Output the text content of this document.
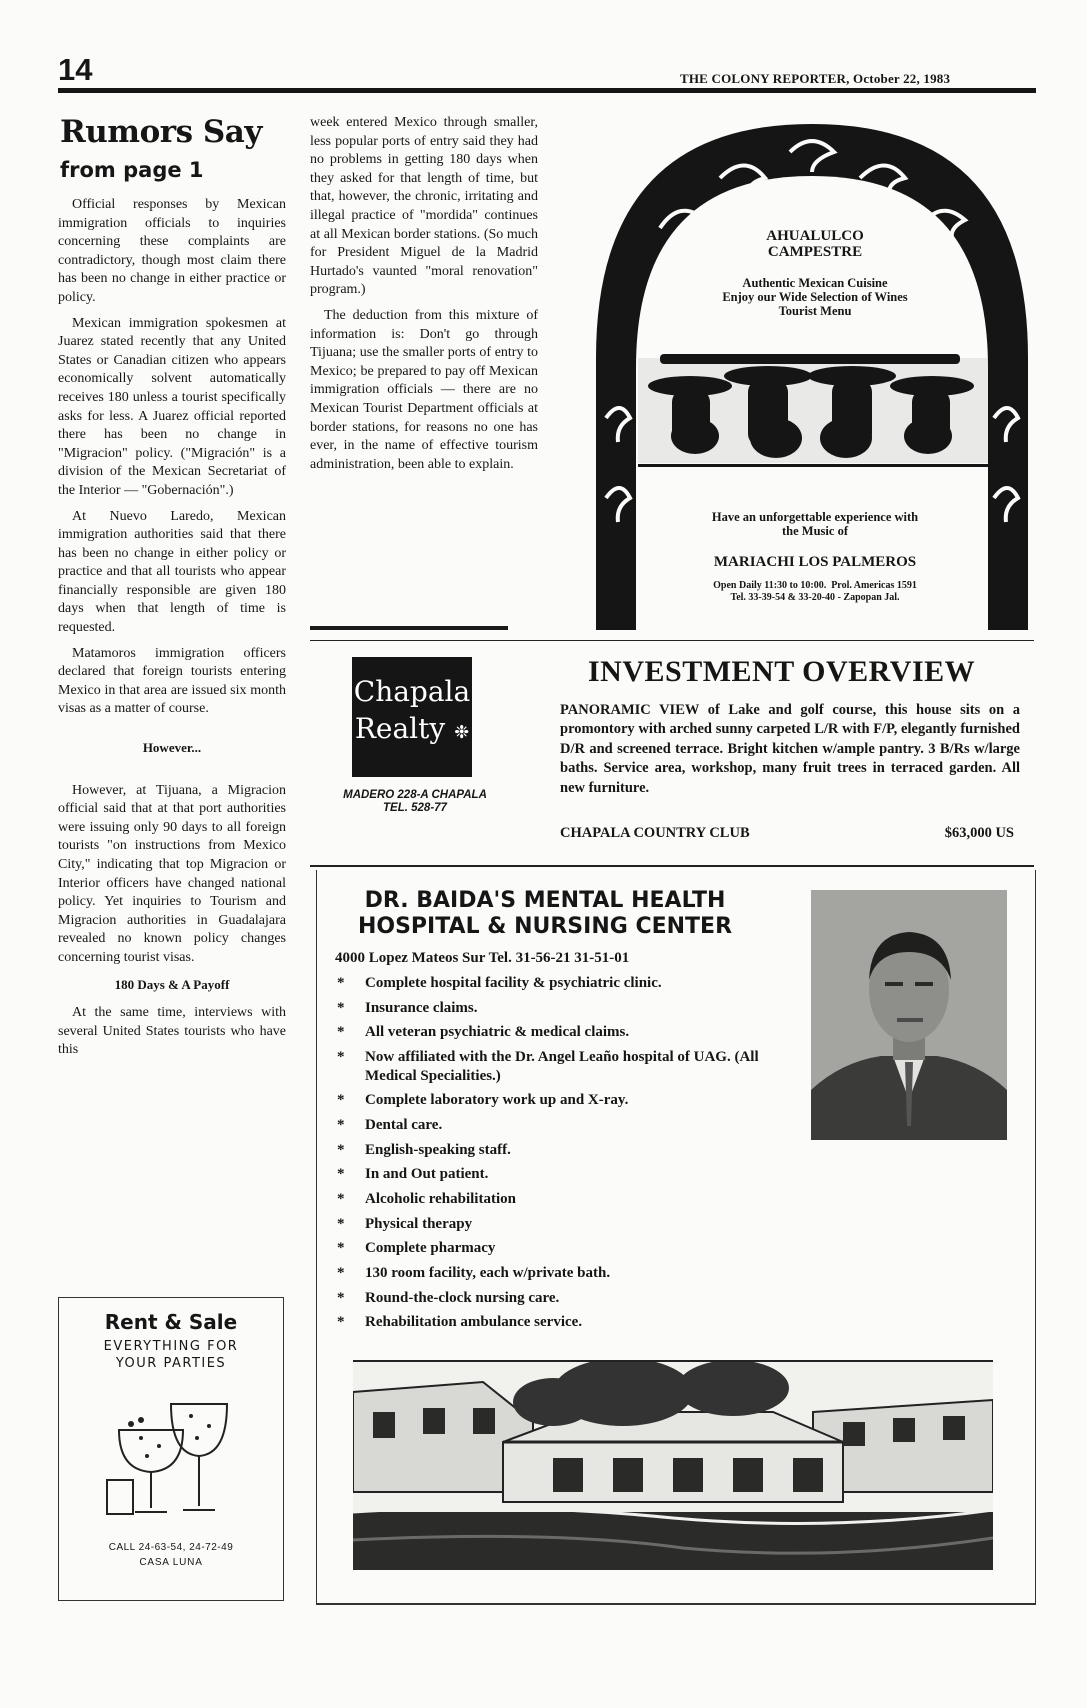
14	THE COLONY REPORTER, October 22, 1983
Rumors Say
from page 1

Official responses by Mexican immigration officials to inquiries concerning these complaints are contradictory, though most claim there has been no change in either practice or policy.

Mexican immigration spokesmen at Juarez stated recently that any United States or Canadian citizen who appears economically solvent automatically receives 180 unless a tourist specifically asks for less. A Juarez official reported there has been no change in "Migracion" policy. ("Migración" is a division of the Mexican Secretariat of the Interior — "Gobernación".)

At Nuevo Laredo, Mexican immigration authorities said that there has been no change in either policy or practice and that all tourists who appear financially responsible are given 180 days when that length of time is requested.

Matamoros immigration officers declared that foreign tourists entering Mexico in that area are issued six month visas as a matter of course.

However...

However, at Tijuana, a Migracion official said that at that port authorities were issuing only 90 days to all foreign tourists "on instructions from Mexico City," indicating that top Migracion or Interior officers have changed national policy. Yet inquiries to Tourism and Migracion authorities in Guadalajara revealed no known policy changes concerning tourist visas.

180 Days & A Payoff

At the same time, interviews with several United States tourists who have this

week entered Mexico through smaller, less popular ports of entry said they had no problems in getting 180 days when they asked for that length of time, but that, however, the chronic, irritating and illegal practice of "mordida" continues at all Mexican border stations. (So much for President Miguel de la Madrid Hurtado's vaunted "moral renovation" program.)

The deduction from this mixture of information is: Don't go through Tijuana; use the smaller ports of entry to Mexico; be prepared to pay off Mexican immigration officials — there are no Mexican Tourist Department officials at border stations, for reasons no one has ever, in the name of effective tourism administration, been able to explain.

AHUALULCO
CAMPESTRE
Authentic Mexican Cuisine
Enjoy our Wide Selection of Wines
Tourist Menu
Have an unforgettable experience with
the Music of
MARIACHI LOS PALMEROS
Open Daily 11:30 to 10:00. Prol. Americas 1591
Tel. 33-39-54 & 33-20-40 - Zapopan Jal.
Chapala
Realty ❉
MADERO 228-A CHAPALA
TEL. 528-77
INVESTMENT OVERVIEW
PANORAMIC VIEW of Lake and golf course, this house sits on a promontory with arched sunny carpeted L/R with F/P, elegantly furnished D/R and screened terrace. Bright kitchen w/ample pantry. 3 B/Rs w/large baths. Service area, workshop, many fruit trees in terraced garden. All new furniture.
CHAPALA COUNTRY CLUB	$63,000 US
DR. BAIDA'S MENTAL HEALTH
HOSPITAL & NURSING CENTER
4000 Lopez Mateos Sur Tel. 31-56-21 31-51-01
* Complete hospital facility & psychiatric clinic.
* Insurance claims.
* All veteran psychiatric & medical claims.
* Now affiliated with the Dr. Angel Leaño hospital of UAG. (All Medical Specialities.)
* Complete laboratory work up and X-ray.
* Dental care.
* English-speaking staff.
* In and Out patient.
* Alcoholic rehabilitation
* Physical therapy
* Complete pharmacy
* 130 room facility, each w/private bath.
* Round-the-clock nursing care.
* Rehabilitation ambulance service.
Rent & Sale
EVERYTHING FOR
YOUR PARTIES
CALL 24-63-54, 24-72-49
CASA LUNA
